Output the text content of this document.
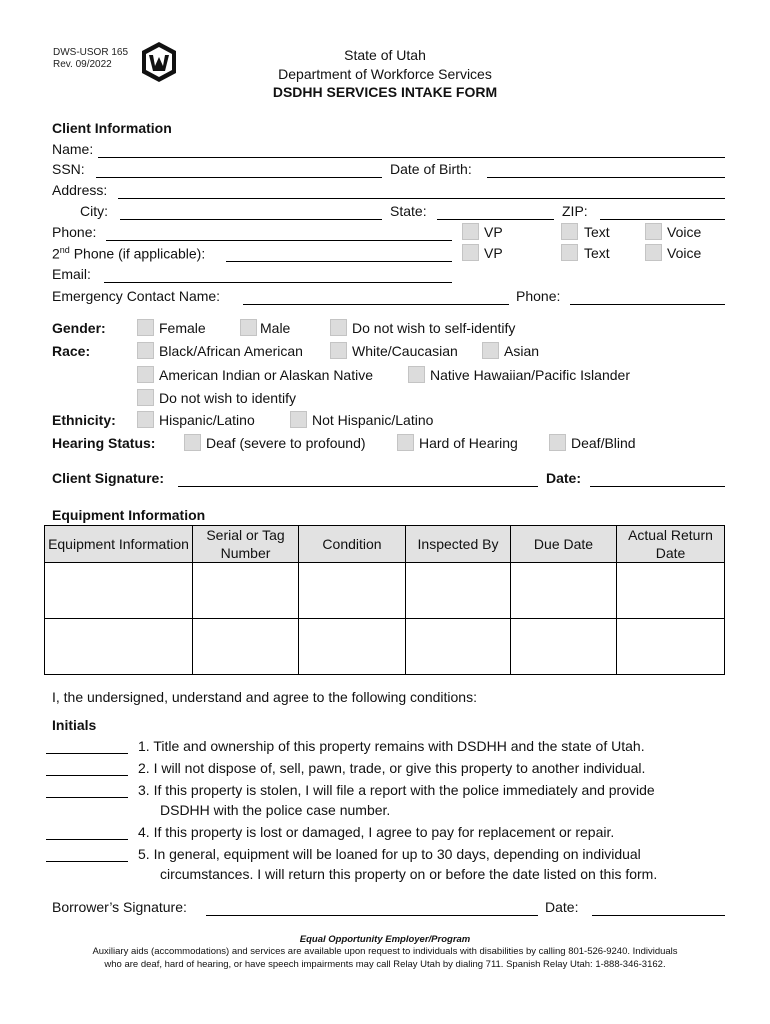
DWS-USOR 165
Rev. 09/2022
State of Utah
Department of Workforce Services
DSDHH SERVICES INTAKE FORM
Client Information
Name:
SSN:	Date of Birth:
Address:
City:	State:	ZIP:
Phone:	VP	Text	Voice
2nd Phone (if applicable):	VP	Text	Voice
Email:
Emergency Contact Name:	Phone:
Gender:	Female	Male	Do not wish to self-identify
Race:	Black/African American	White/Caucasian	Asian
American Indian or Alaskan Native	Native Hawaiian/Pacific Islander
Do not wish to identify
Ethnicity:	Hispanic/Latino	Not Hispanic/Latino
Hearing Status:	Deaf (severe to profound)	Hard of Hearing	Deaf/Blind
Client Signature:	Date:
Equipment Information
Equipment Information	Serial or Tag Number	Condition	Inspected By	Due Date	Actual Return Date

I, the undersigned, understand and agree to the following conditions:
Initials
1. Title and ownership of this property remains with DSDHH and the state of Utah.
2. I will not dispose of, sell, pawn, trade, or give this property to another individual.
3. If this property is stolen, I will file a report with the police immediately and provide
DSDHH with the police case number.
4. If this property is lost or damaged, I agree to pay for replacement or repair.
5. In general, equipment will be loaned for up to 30 days, depending on individual
circumstances. I will return this property on or before the date listed on this form.
Borrower’s Signature:	Date:
Equal Opportunity Employer/Program
Auxiliary aids (accommodations) and services are available upon request to individuals with disabilities by calling 801-526-9240. Individuals
who are deaf, hard of hearing, or have speech impairments may call Relay Utah by dialing 711. Spanish Relay Utah: 1-888-346-3162.
